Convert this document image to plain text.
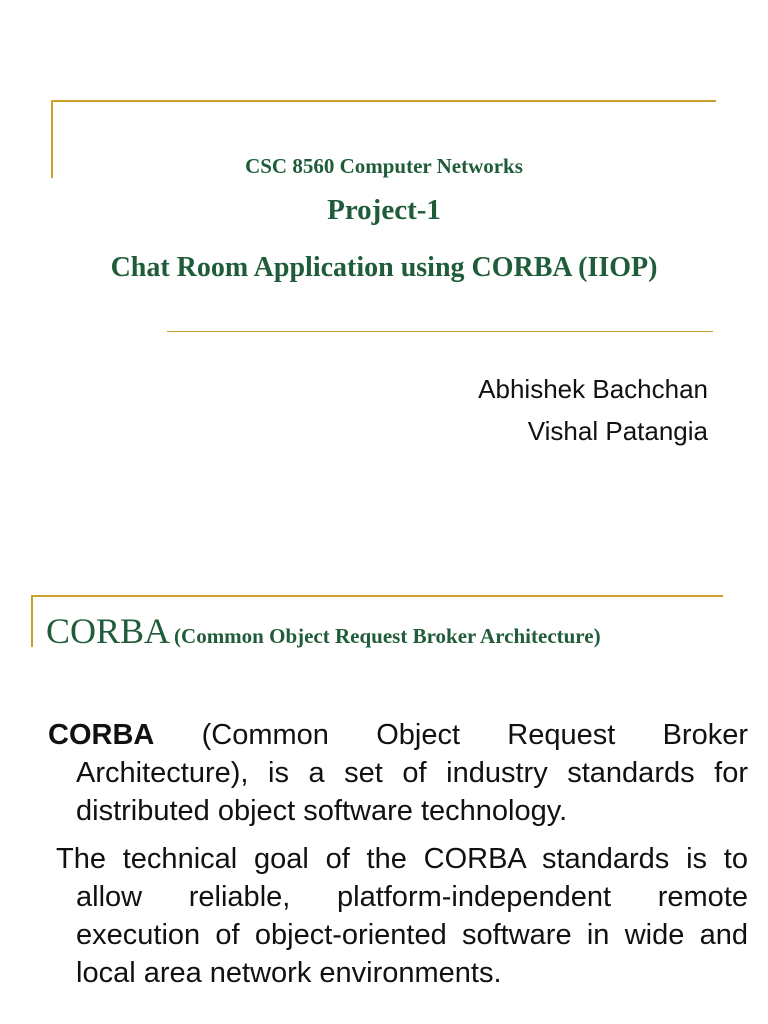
CSC 8560 Computer Networks
Project-1
Chat Room Application using CORBA (IIOP)
Abhishek Bachchan
Vishal Patangia
CORBA (Common Object Request Broker Architecture)

CORBA (Common Object Request Broker Architecture), is a set of industry standards for distributed object software technology.

The technical goal of the CORBA standards is to allow reliable, platform-independent remote execution of object-oriented software in wide and local area network environments.
